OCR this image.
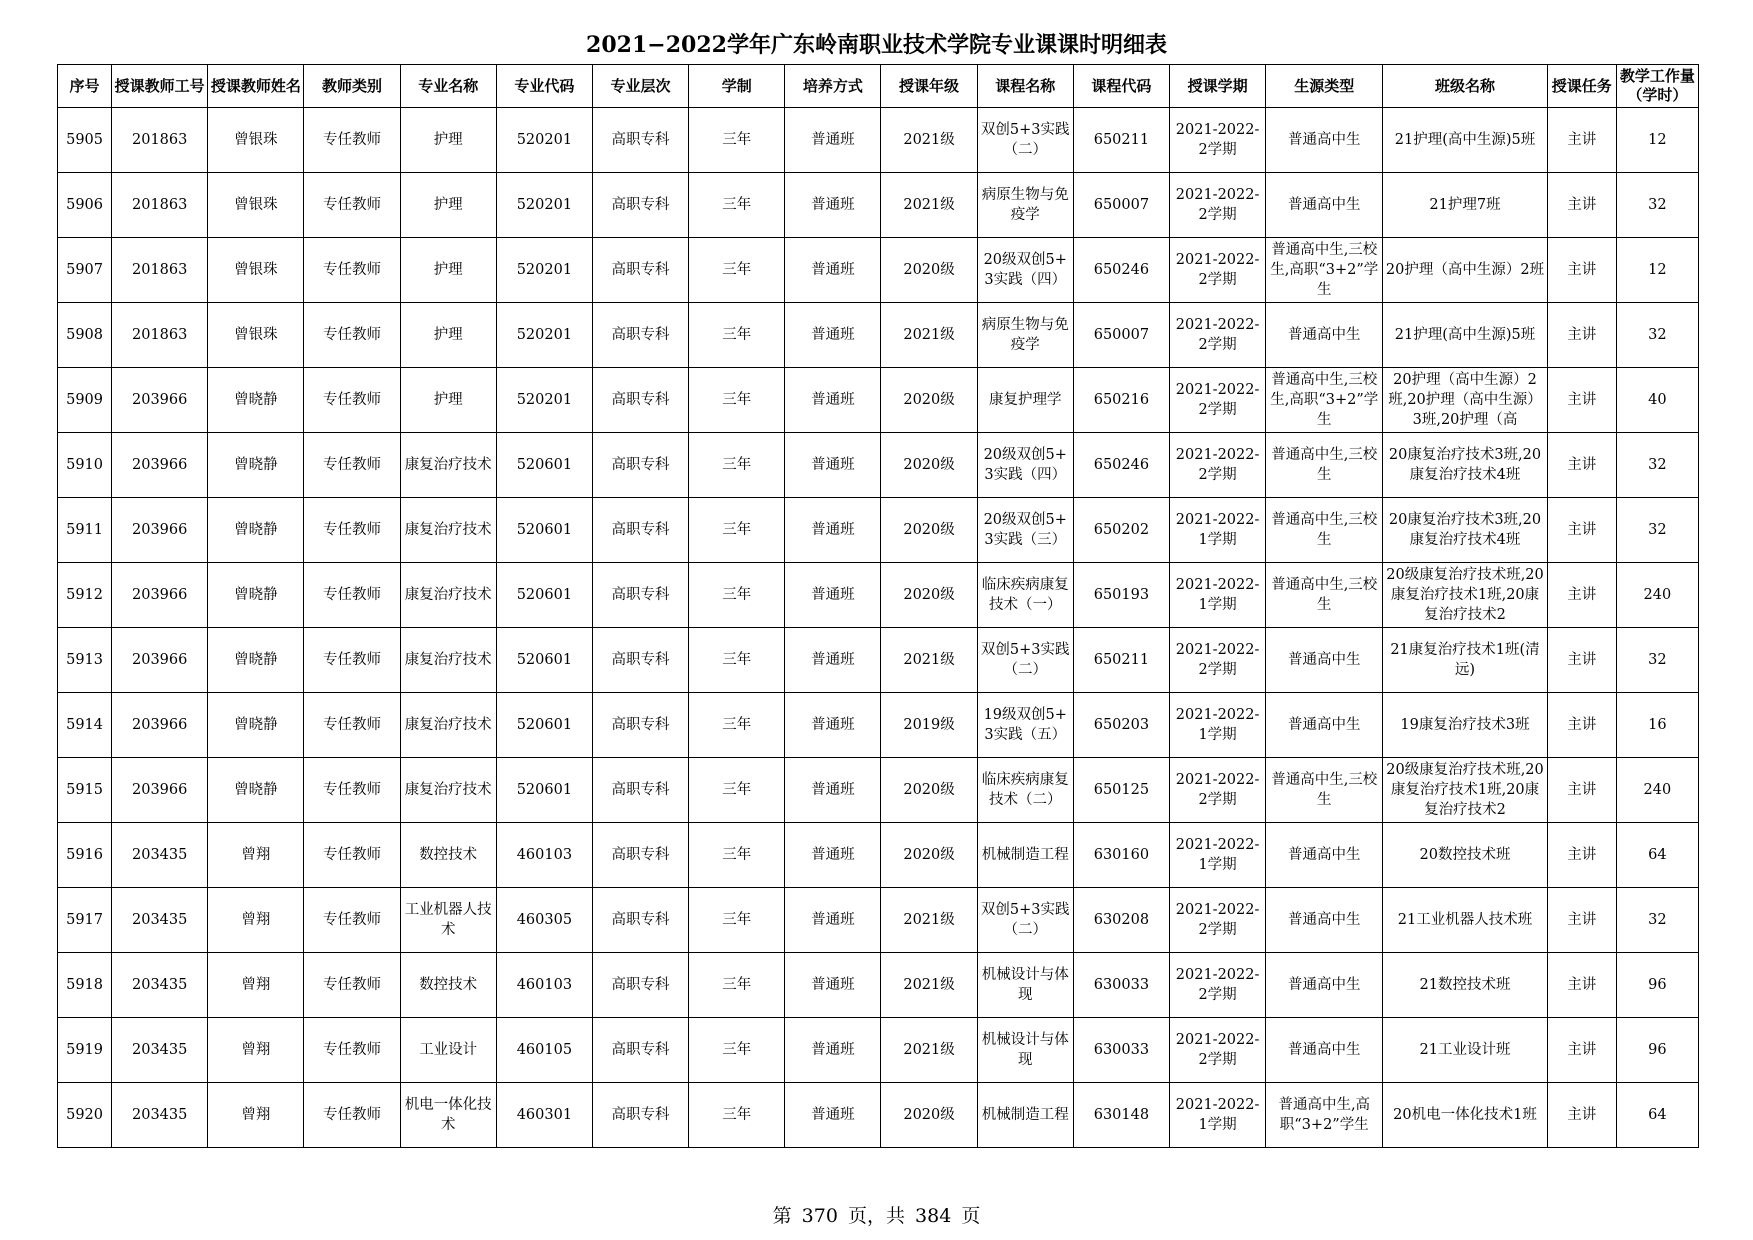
2021−2022学年广东岭南职业技术学院专业课课时明细表
序号	授课教师工号	授课教师姓名	教师类别	专业名称	专业代码	专业层次	学制	培养方式	授课年级	课程名称	课程代码	授课学期	生源类型	班级名称	授课任务	教学工作量（学时）

5905	201863	曾银珠	专任教师	护理	520201	高职专科	三年	普通班	2021级	双创5+3实践（二）	650211	2021-2022-2学期	普通高中生	21护理(高中生源)5班	主讲	12

5906	201863	曾银珠	专任教师	护理	520201	高职专科	三年	普通班	2021级	病原生物与免疫学	650007	2021-2022-2学期	普通高中生	21护理7班	主讲	32

5907	201863	曾银珠	专任教师	护理	520201	高职专科	三年	普通班	2020级	20级双创5+3实践（四）	650246	2021-2022-2学期	普通高中生,三校生,高职“3+2”学生	20护理（高中生源）2班	主讲	12

5908	201863	曾银珠	专任教师	护理	520201	高职专科	三年	普通班	2021级	病原生物与免疫学	650007	2021-2022-2学期	普通高中生	21护理(高中生源)5班	主讲	32

5909	203966	曾晓静	专任教师	护理	520201	高职专科	三年	普通班	2020级	康复护理学	650216	2021-2022-2学期	普通高中生,三校生,高职“3+2”学生	20护理（高中生源）2班,20护理（高中生源）3班,20护理（高	主讲	40

5910	203966	曾晓静	专任教师	康复治疗技术	520601	高职专科	三年	普通班	2020级	20级双创5+3实践（四）	650246	2021-2022-2学期	普通高中生,三校生	20康复治疗技术3班,20康复治疗技术4班	主讲	32

5911	203966	曾晓静	专任教师	康复治疗技术	520601	高职专科	三年	普通班	2020级	20级双创5+3实践（三）	650202	2021-2022-1学期	普通高中生,三校生	20康复治疗技术3班,20康复治疗技术4班	主讲	32

5912	203966	曾晓静	专任教师	康复治疗技术	520601	高职专科	三年	普通班	2020级	临床疾病康复技术（一）	650193	2021-2022-1学期	普通高中生,三校生	20级康复治疗技术班,20康复治疗技术1班,20康复治疗技术2	主讲	240

5913	203966	曾晓静	专任教师	康复治疗技术	520601	高职专科	三年	普通班	2021级	双创5+3实践（二）	650211	2021-2022-2学期	普通高中生	21康复治疗技术1班(清远)	主讲	32

5914	203966	曾晓静	专任教师	康复治疗技术	520601	高职专科	三年	普通班	2019级	19级双创5+3实践（五）	650203	2021-2022-1学期	普通高中生	19康复治疗技术3班	主讲	16

5915	203966	曾晓静	专任教师	康复治疗技术	520601	高职专科	三年	普通班	2020级	临床疾病康复技术（二）	650125	2021-2022-2学期	普通高中生,三校生	20级康复治疗技术班,20康复治疗技术1班,20康复治疗技术2	主讲	240

5916	203435	曾翔	专任教师	数控技术	460103	高职专科	三年	普通班	2020级	机械制造工程	630160	2021-2022-1学期	普通高中生	20数控技术班	主讲	64

5917	203435	曾翔	专任教师	工业机器人技术	460305	高职专科	三年	普通班	2021级	双创5+3实践（二）	630208	2021-2022-2学期	普通高中生	21工业机器人技术班	主讲	32

5918	203435	曾翔	专任教师	数控技术	460103	高职专科	三年	普通班	2021级	机械设计与体现	630033	2021-2022-2学期	普通高中生	21数控技术班	主讲	96

5919	203435	曾翔	专任教师	工业设计	460105	高职专科	三年	普通班	2021级	机械设计与体现	630033	2021-2022-2学期	普通高中生	21工业设计班	主讲	96

5920	203435	曾翔	专任教师	机电一体化技术	460301	高职专科	三年	普通班	2020级	机械制造工程	630148	2021-2022-1学期	普通高中生,高职“3+2”学生	20机电一体化技术1班	主讲	64
第 370 页，共 384 页
